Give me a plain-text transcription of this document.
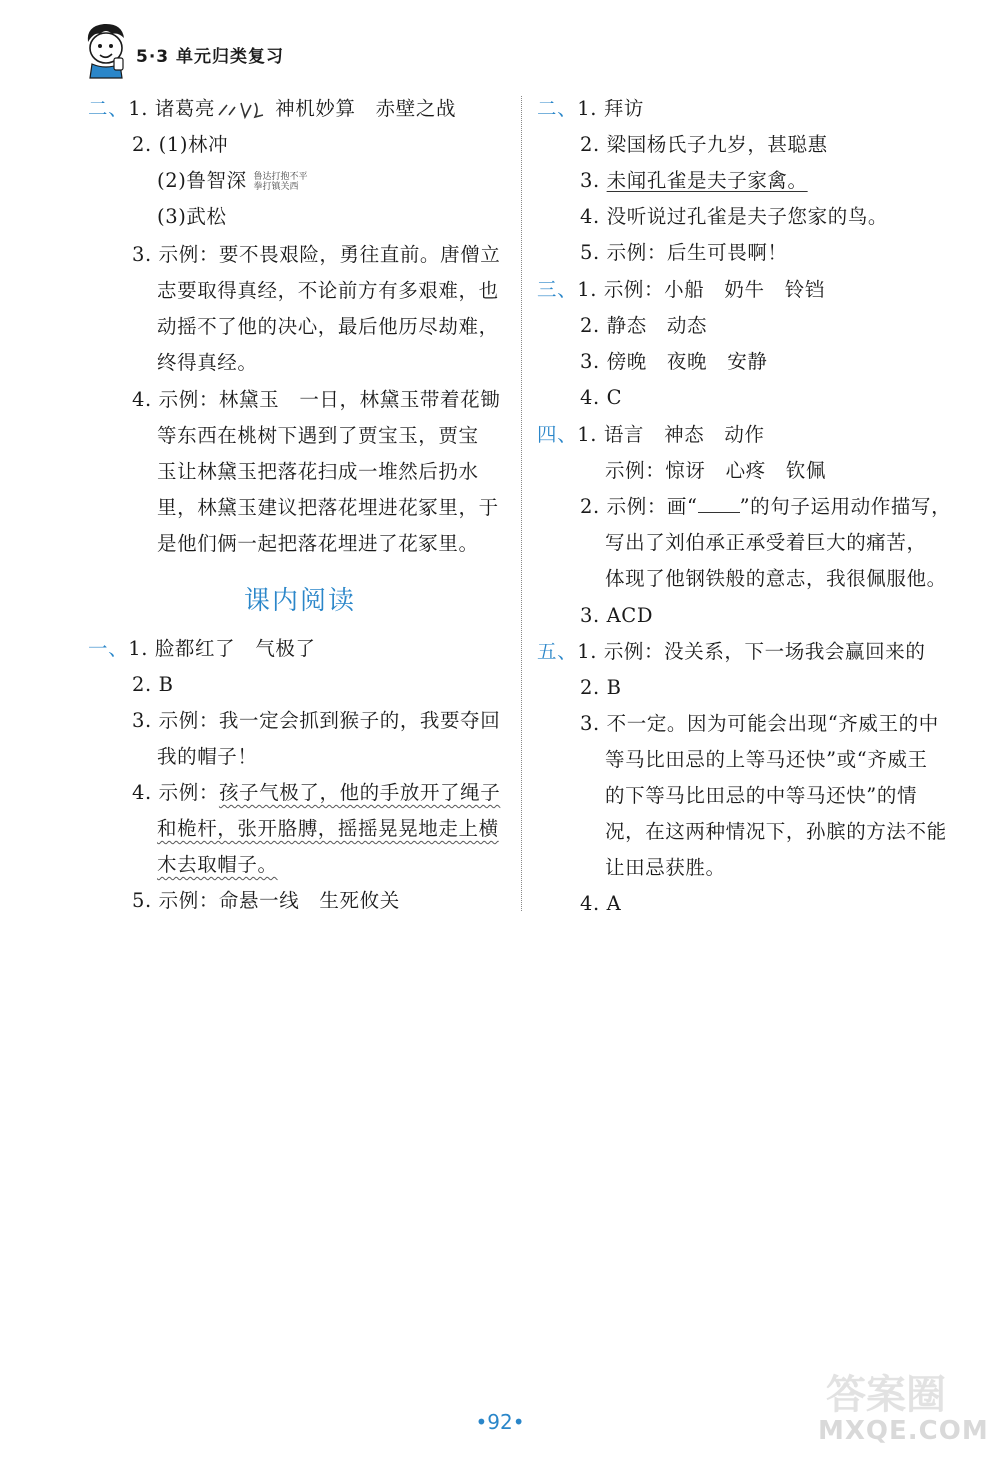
5·3 单元归类复习
二、1. 诸葛亮	神机妙算　赤壁之战
2. (1)林冲
(2)鲁智深 鲁达打抱不平
拳打镇关西
(3)武松
3. 示例：要不畏艰险，勇往直前。唐僧立
志要取得真经，不论前方有多艰难，也
动摇不了他的决心，最后他历尽劫难，
终得真经。
4. 示例：林黛玉　一日，林黛玉带着花锄
等东西在桃树下遇到了贾宝玉，贾宝
玉让林黛玉把落花扫成一堆然后扔水
里，林黛玉建议把落花埋进花冢里，于
是他们俩一起把落花埋进了花冢里。
课内阅读
一、1. 脸都红了　气极了
2. B
3. 示例：我一定会抓到猴子的，我要夺回
我的帽子！
4. 示例：孩子气极了，他的手放开了绳子
和桅杆，张开胳膊，摇摇晃晃地走上横
木去取帽子。
5. 示例：命悬一线　生死攸关
二、1. 拜访
2. 梁国杨氏子九岁，甚聪惠
3. 未闻孔雀是夫子家禽。
4. 没听说过孔雀是夫子您家的鸟。
5. 示例：后生可畏啊！
三、1. 示例：小船　奶牛　铃铛
2. 静态　动态
3. 傍晚　夜晚　安静
4. C
四、1. 语言　神态　动作
示例：惊讶　心疼　钦佩
2. 示例：画“ ”的句子运用动作描写，
写出了刘伯承正承受着巨大的痛苦，
体现了他钢铁般的意志，我很佩服他。
3. ACD
五、1. 示例：没关系，下一场我会赢回来的
2. B
3. 不一定。因为可能会出现“齐威王的中
等马比田忌的上等马还快”或“齐威王
的下等马比田忌的中等马还快”的情
况，在这两种情况下，孙膑的方法不能
让田忌获胜。
4. A
•92•
答案圈
MXQE.COM
